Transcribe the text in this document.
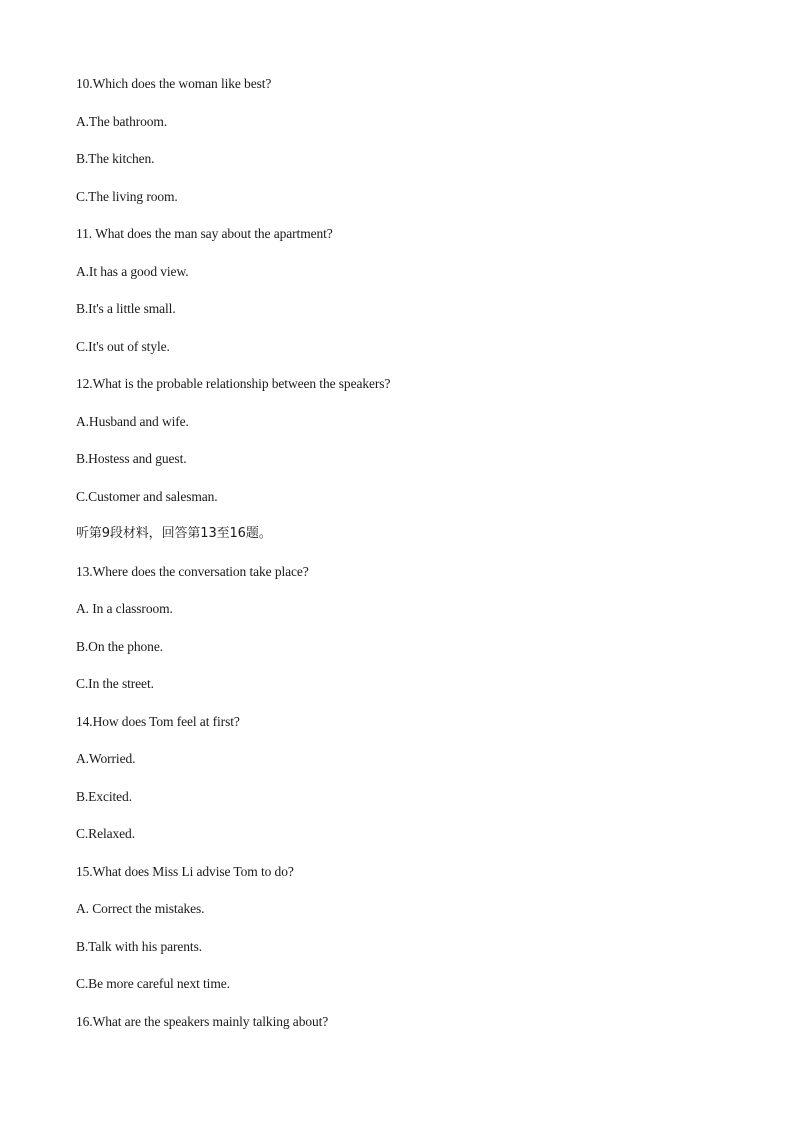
10.Which does the woman like best?
A.The bathroom.
B.The kitchen.
C.The living room.
11. What does the man say about the apartment?
A.It has a good view.
B.It's a little small.
C.It's out of style.
12.What is the probable relationship between the speakers?
A.Husband and wife.
B.Hostess and guest.
C.Customer and salesman.
听第9段材料，回答第13至16题。
13.Where does the conversation take place?
A. In a classroom.
B.On the phone.
C.In the street.
14.How does Tom feel at first?
A.Worried.
B.Excited.
C.Relaxed.
15.What does Miss Li advise Tom to do?
A. Correct the mistakes.
B.Talk with his parents.
C.Be more careful next time.
16.What are the speakers mainly talking about?
